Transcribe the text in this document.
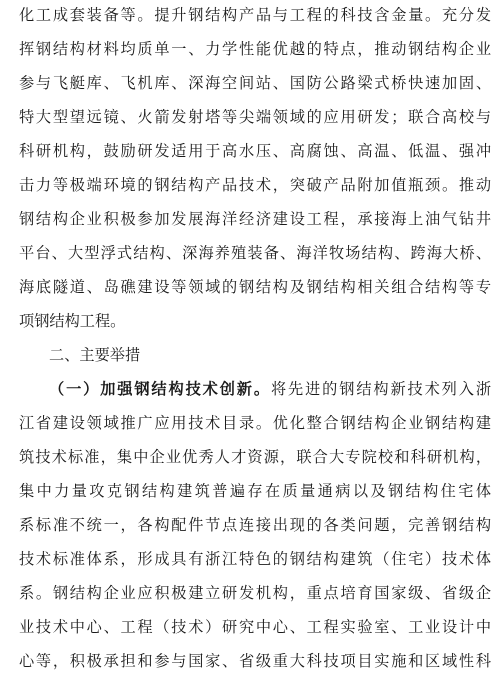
化工成套装备等。提升钢结构产品与工程的科技含金量。充分发
挥钢结构材料均质单一、力学性能优越的特点，推动钢结构企业
参与飞艇库、飞机库、深海空间站、国防公路梁式桥快速加固、
特大型望远镜、火箭发射塔等尖端领域的应用研发；联合高校与
科研机构，鼓励研发适用于高水压、高腐蚀、高温、低温、强冲
击力等极端环境的钢结构产品技术，突破产品附加值瓶颈。推动
钢结构企业积极参加发展海洋经济建设工程，承接海上油气钻井
平台、大型浮式结构、深海养殖装备、海洋牧场结构、跨海大桥、
海底隧道、岛礁建设等领域的钢结构及钢结构相关组合结构等专
项钢结构工程。
二、主要举措
（一）加强钢结构技术创新。将先进的钢结构新技术列入浙
江省建设领域推广应用技术目录。优化整合钢结构企业钢结构建
筑技术标准，集中企业优秀人才资源，联合大专院校和科研机构，
集中力量攻克钢结构建筑普遍存在质量通病以及钢结构住宅体
系标准不统一，各构配件节点连接出现的各类问题，完善钢结构
技术标准体系，形成具有浙江特色的钢结构建筑（住宅）技术体
系。钢结构企业应积极建立研发机构，重点培育国家级、省级企
业技术中心、工程（技术）研究中心、工程实验室、工业设计中
心等，积极承担和参与国家、省级重大科技项目实施和区域性科
